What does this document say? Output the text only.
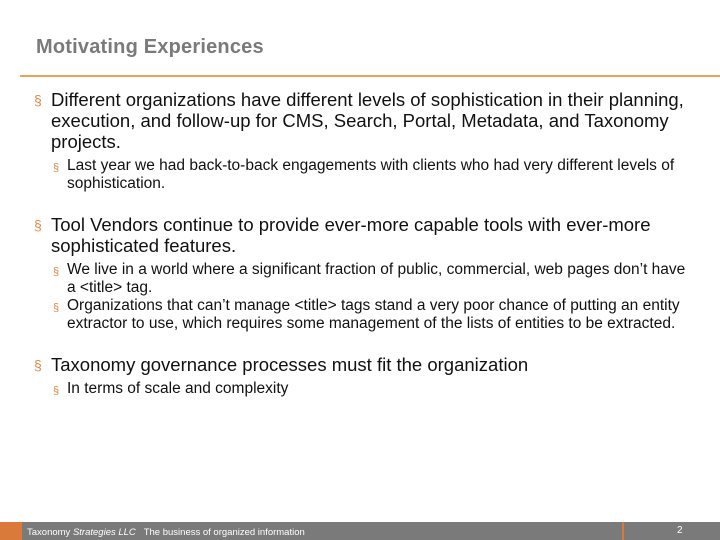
Motivating Experiences
§ Different organizations have different levels of sophistication in their planning, execution, and follow-up for CMS, Search, Portal, Metadata, and Taxonomy projects.
§ Last year we had back-to-back engagements with clients who had very different levels of sophistication.
§ Tool Vendors continue to provide ever-more capable tools with ever-more sophisticated features.
§ We live in a world where a significant fraction of public, commercial, web pages don’t have a <title> tag.
§ Organizations that can’t manage <title> tags stand a very poor chance of putting an entity extractor to use, which requires some management of the lists of entities to be extracted.
§ Taxonomy governance processes must fit the organization
§ In terms of scale and complexity
Taxonomy Strategies LLC The business of organized information	2
